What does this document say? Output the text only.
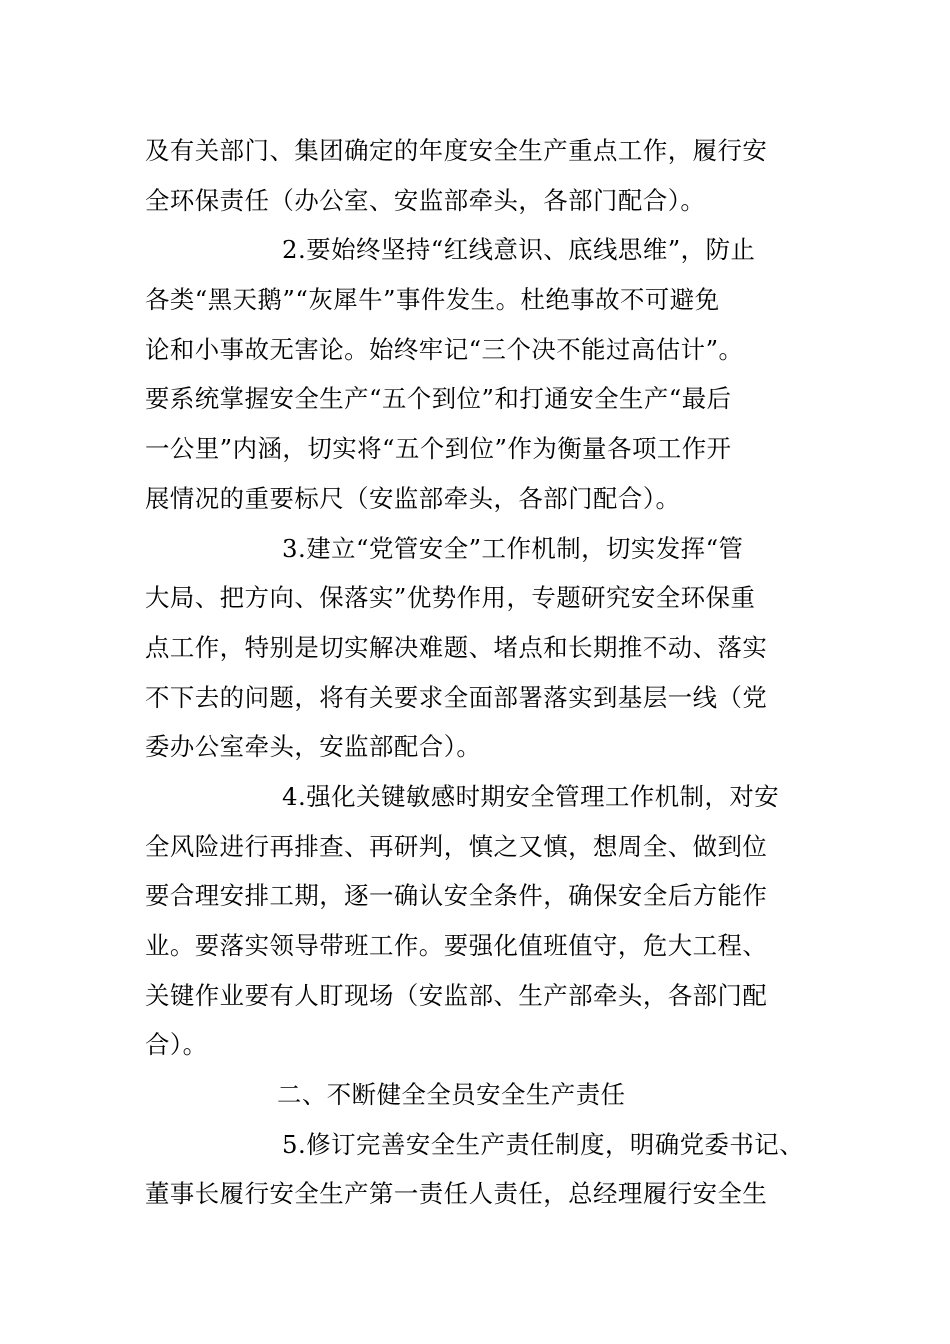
及有关部门、集团确定的年度安全生产重点工作，履行安
全环保责任（办公室、安监部牵头，各部门配合）。
2.要始终坚持“红线意识、底线思维”，防止
各类“黑天鹅”“灰犀牛”事件发生。杜绝事故不可避免
论和小事故无害论。始终牢记“三个决不能过高估计”。
要系统掌握安全生产“五个到位”和打通安全生产“最后
一公里”内涵，切实将“五个到位”作为衡量各项工作开
展情况的重要标尺（安监部牵头，各部门配合）。
3.建立“党管安全”工作机制，切实发挥“管
大局、把方向、保落实”优势作用，专题研究安全环保重
点工作，特别是切实解决难题、堵点和长期推不动、落实
不下去的问题，将有关要求全面部署落实到基层一线（党
委办公室牵头，安监部配合）。
4.强化关键敏感时期安全管理工作机制，对安
全风险进行再排查、再研判，慎之又慎，想周全、做到位
要合理安排工期，逐一确认安全条件，确保安全后方能作
业。要落实领导带班工作。要强化值班值守，危大工程、
关键作业要有人盯现场（安监部、生产部牵头，各部门配
合）。
二、不断健全全员安全生产责任
5.修订完善安全生产责任制度，明确党委书记、
董事长履行安全生产第一责任人责任，总经理履行安全生
